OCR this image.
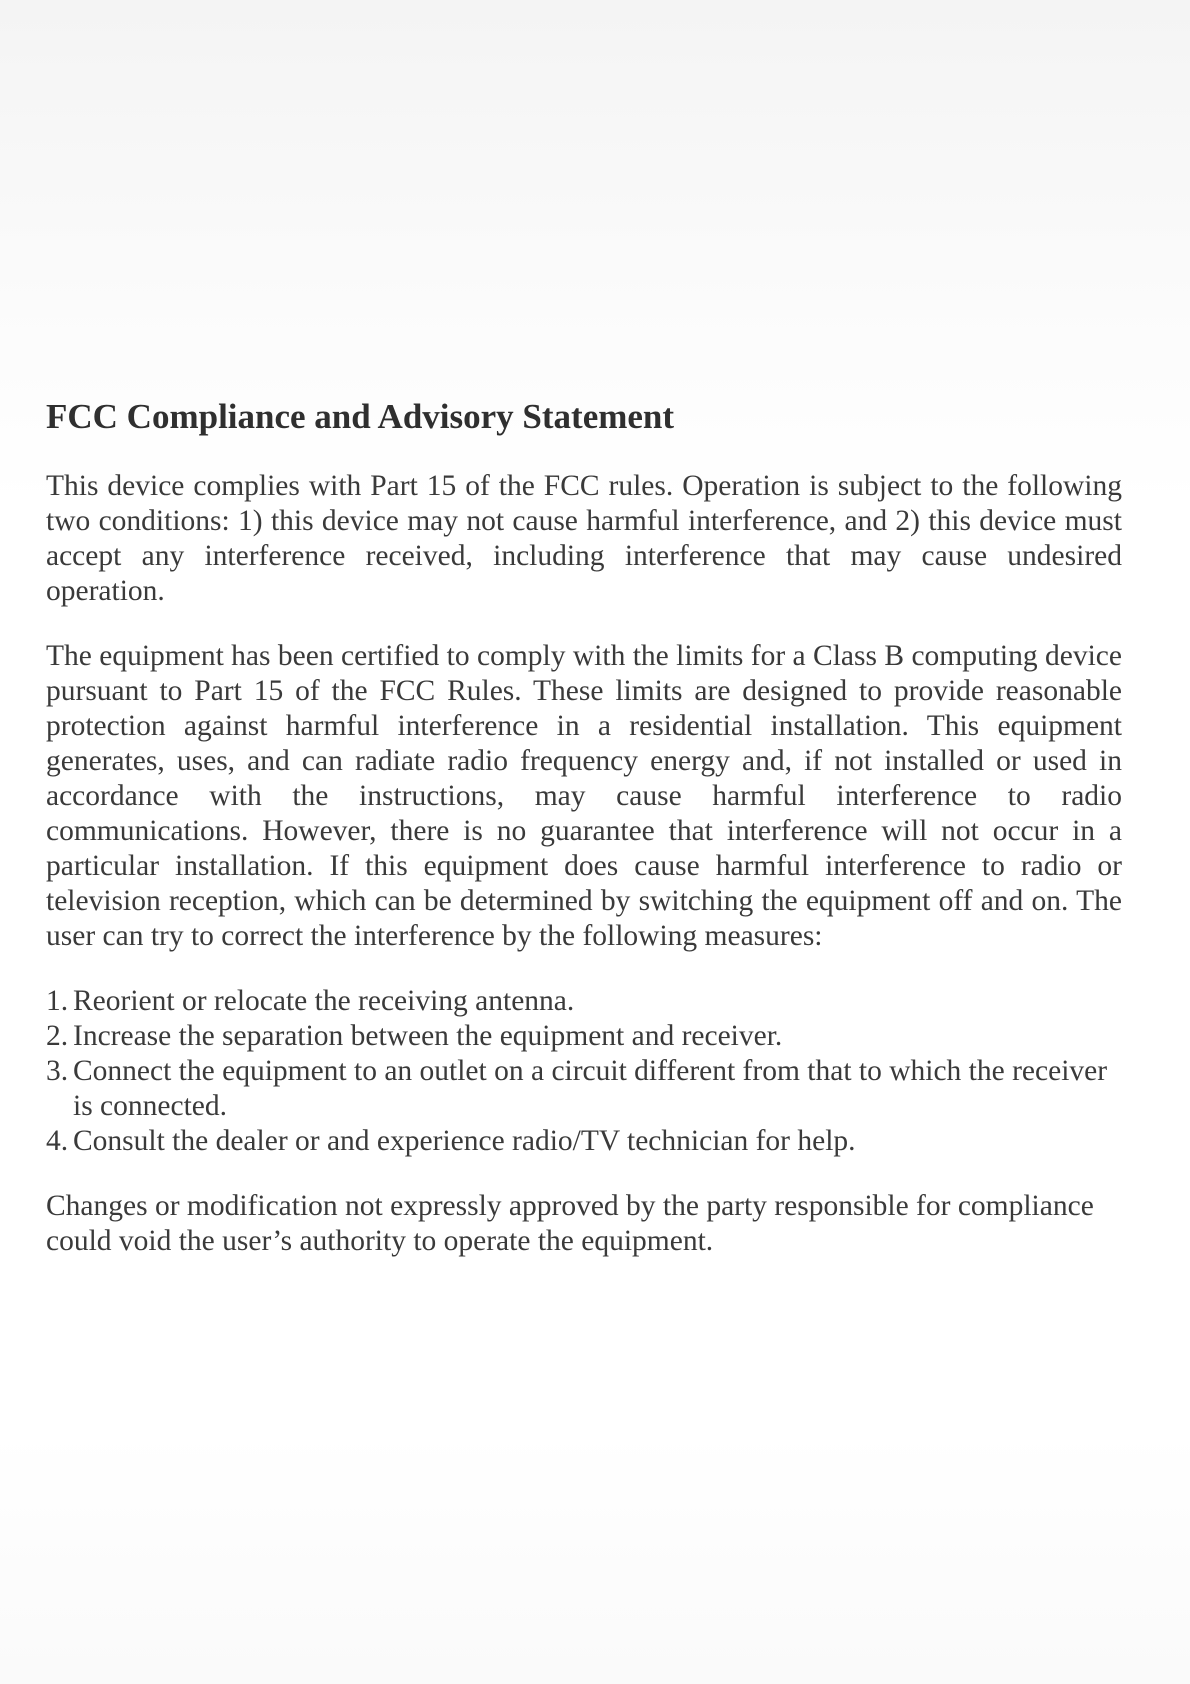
FCC Compliance and Advisory Statement

This device complies with Part 15 of the FCC rules. Operation is subject to the following two conditions: 1) this device may not cause harmful interference, and 2) this device must accept any interference received, including interference that may cause undesired operation.

The equipment has been certified to comply with the limits for a Class B computing device pursuant to Part 15 of the FCC Rules. These limits are designed to provide reasonable protection against harmful interference in a residential installation. This equipment generates, uses, and can radiate radio frequency energy and, if not installed or used in accordance with the instructions, may cause harmful interference to radio communications. However, there is no guarantee that interference will not occur in a particular installation. If this equipment does cause harmful interference to radio or television reception, which can be determined by switching the equipment off and on. The user can try to correct the interference by the following measures:

1. Reorient or relocate the receiving antenna.
2. Increase the separation between the equipment and receiver.
3. Connect the equipment to an outlet on a circuit different from that to which the receiver is connected.
4. Consult the dealer or and experience radio/TV technician for help.

Changes or modification not expressly approved by the party responsible for compliance could void the user’s authority to operate the equipment.
